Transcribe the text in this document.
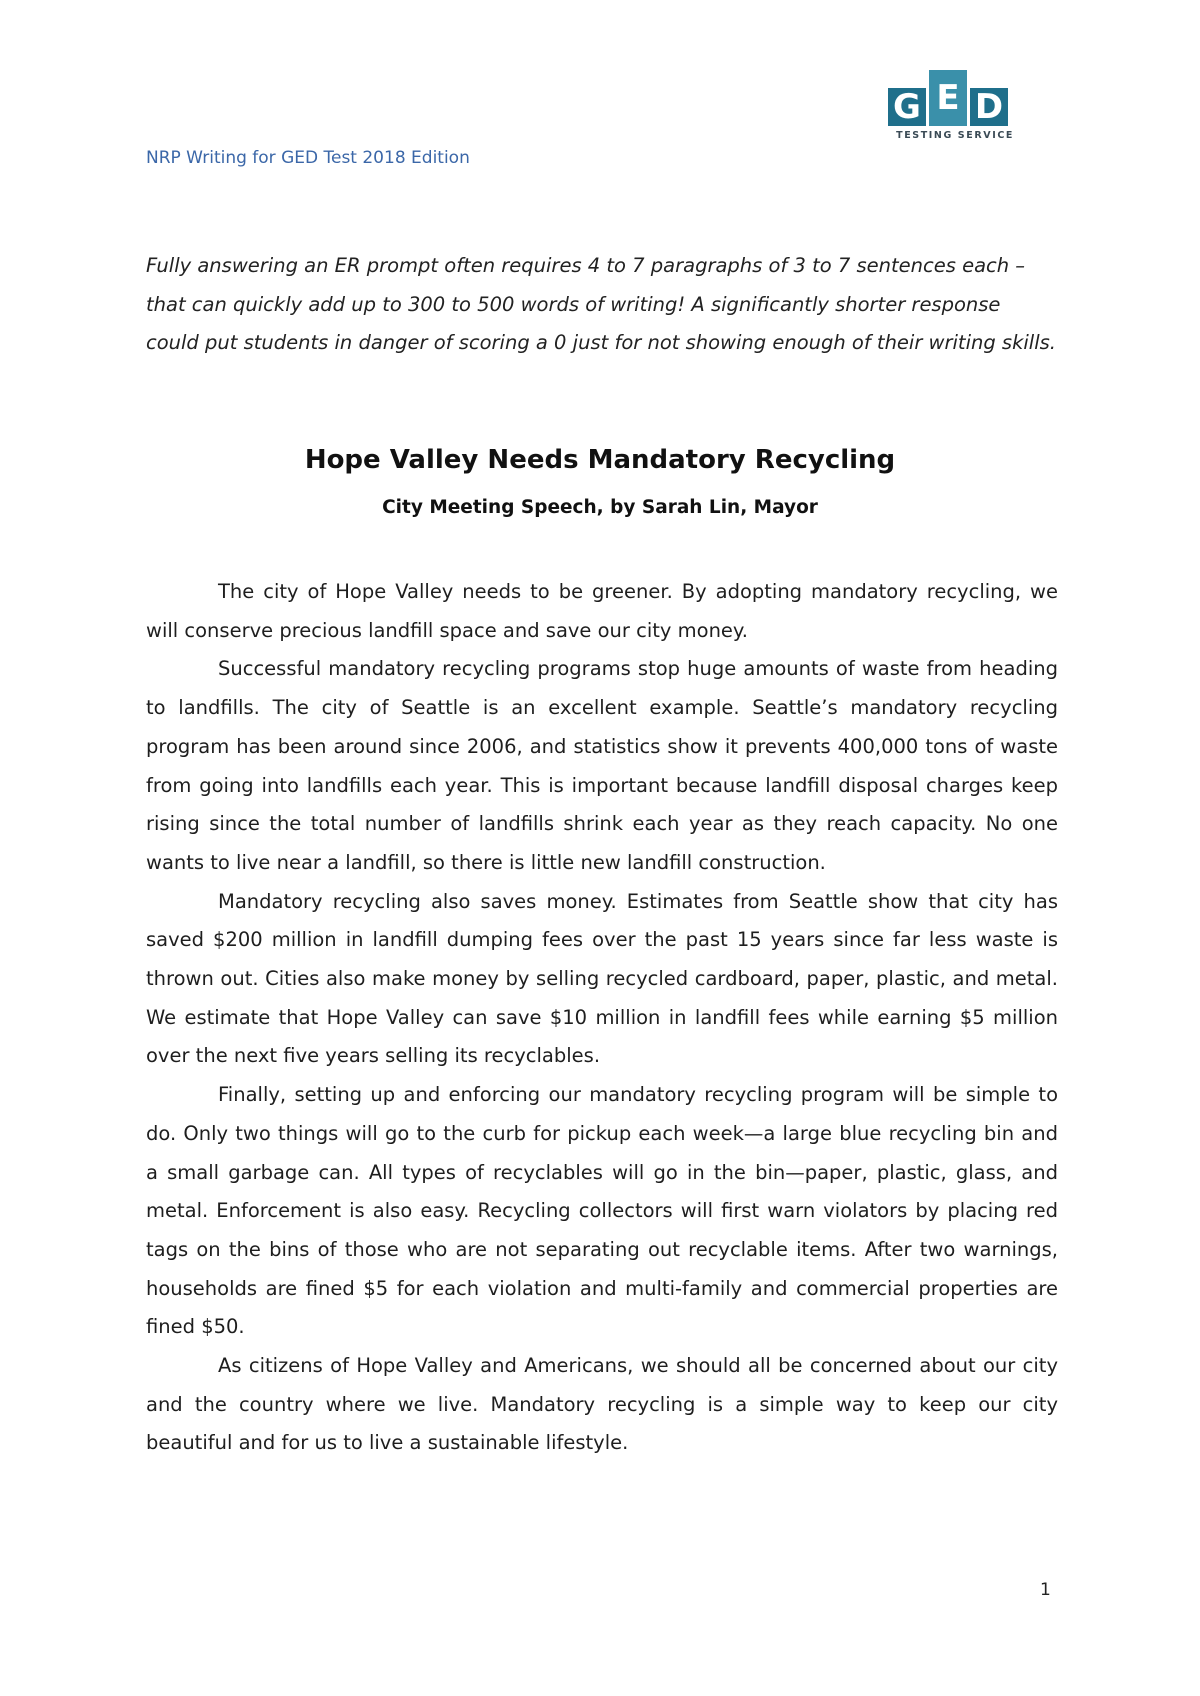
NRP Writing for GED Test 2018 Edition
G E D
TESTING SERVICE
Fully answering an ER prompt often requires 4 to 7 paragraphs of 3 to 7 sentences each – that can quickly add up to 300 to 500 words of writing! A significantly shorter response could put students in danger of scoring a 0 just for not showing enough of their writing skills.
Hope Valley Needs Mandatory Recycling
City Meeting Speech, by Sarah Lin, Mayor

The city of Hope Valley needs to be greener. By adopting mandatory recycling, we will conserve precious landfill space and save our city money.

Successful mandatory recycling programs stop huge amounts of waste from heading to landfills. The city of Seattle is an excellent example. Seattle’s mandatory recycling program has been around since 2006, and statistics show it prevents 400,000 tons of waste from going into landfills each year. This is important because landfill disposal charges keep rising since the total number of landfills shrink each year as they reach capacity. No one wants to live near a landfill, so there is little new landfill construction.

Mandatory recycling also saves money. Estimates from Seattle show that city has saved $200 million in landfill dumping fees over the past 15 years since far less waste is thrown out. Cities also make money by selling recycled cardboard, paper, plastic, and metal. We estimate that Hope Valley can save $10 million in landfill fees while earning $5 million over the next five years selling its recyclables.

Finally, setting up and enforcing our mandatory recycling program will be simple to do. Only two things will go to the curb for pickup each week—a large blue recycling bin and a small garbage can. All types of recyclables will go in the bin—paper, plastic, glass, and metal. Enforcement is also easy. Recycling collectors will first warn violators by placing red tags on the bins of those who are not separating out recyclable items. After two warnings, households are fined $5 for each violation and multi-family and commercial properties are fined $50.

As citizens of Hope Valley and Americans, we should all be concerned about our city and the country where we live. Mandatory recycling is a simple way to keep our city beautiful and for us to live a sustainable lifestyle.

1
